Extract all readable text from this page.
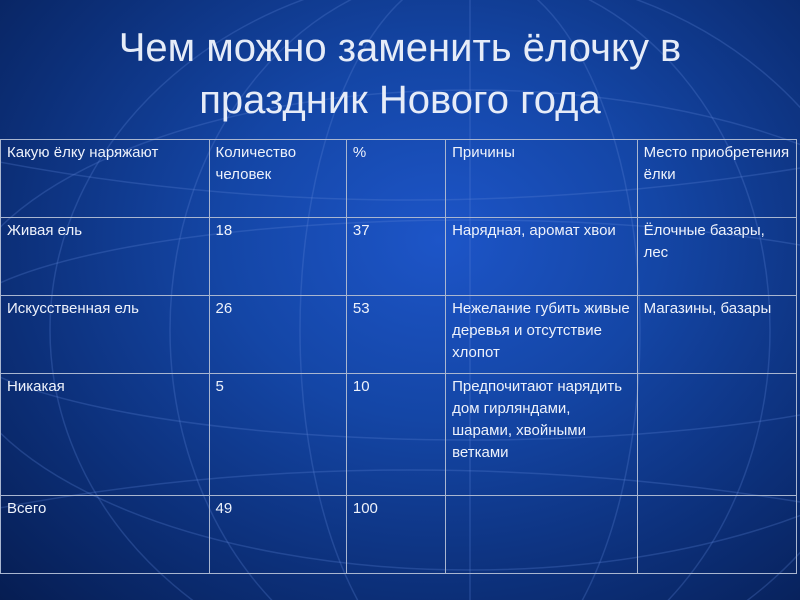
Чем можно заменить ёлочку в
праздник Нового года
Какую ёлку наряжают	Количество человек	%	Причины	Место приобретения ёлки
Живая ель	18	37	Нарядная, аромат хвои	Ёлочные базары, лес
Искусственная ель	26	53	Нежелание губить живые деревья и отсутствие хлопот	Магазины, базары
Никакая	5	10	Предпочитают нарядить дом гирляндами, шарами, хвойными ветками	
Всего	49	100		
